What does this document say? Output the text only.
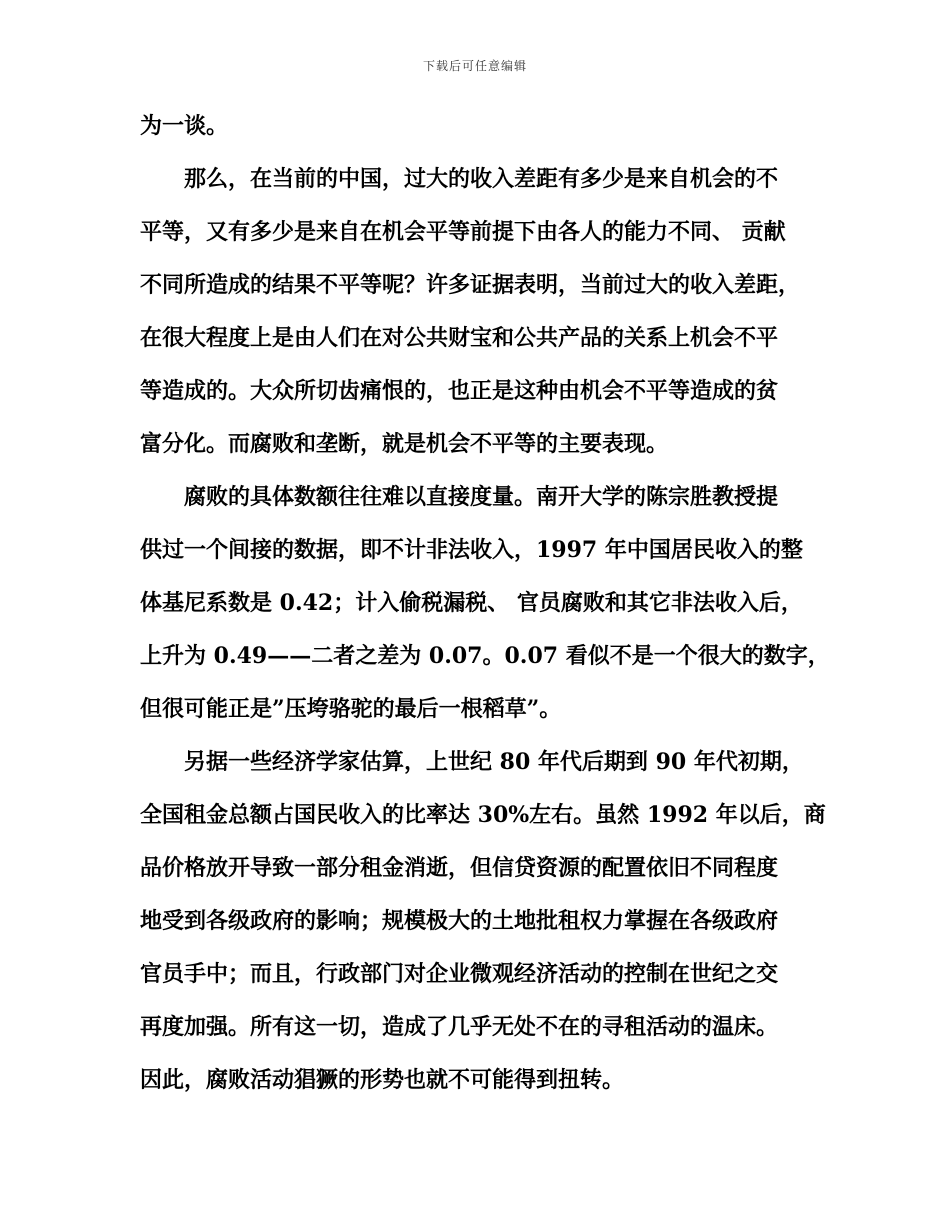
下载后可任意编辑
为一谈。
那么，在当前的中国，过大的收入差距有多少是来自机会的不
平等，又有多少是来自在机会平等前提下由各人的能力不同、 贡献
不同所造成的结果不平等呢？许多证据表明，当前过大的收入差距，
在很大程度上是由人们在对公共财宝和公共产品的关系上机会不平
等造成的。大众所切齿痛恨的，也正是这种由机会不平等造成的贫
富分化。而腐败和垄断，就是机会不平等的主要表现。
腐败的具体数额往往难以直接度量。南开大学的陈宗胜教授提
供过一个间接的数据，即不计非法收入，1997 年中国居民收入的整
体基尼系数是 0.42；计入偷税漏税、 官员腐败和其它非法收入后，
上升为 0.49——二者之差为 0.07。0.07 看似不是一个很大的数字，
但很可能正是”压垮骆驼的最后一根稻草”。
另据一些经济学家估算，上世纪 80 年代后期到 90 年代初期，
全国租金总额占国民收入的比率达 30%左右。虽然 1992 年以后，商
品价格放开导致一部分租金消逝，但信贷资源的配置依旧不同程度
地受到各级政府的影响；规模极大的土地批租权力掌握在各级政府
官员手中；而且，行政部门对企业微观经济活动的控制在世纪之交
再度加强。所有这一切，造成了几乎无处不在的寻租活动的温床。
因此，腐败活动猖獗的形势也就不可能得到扭转。
